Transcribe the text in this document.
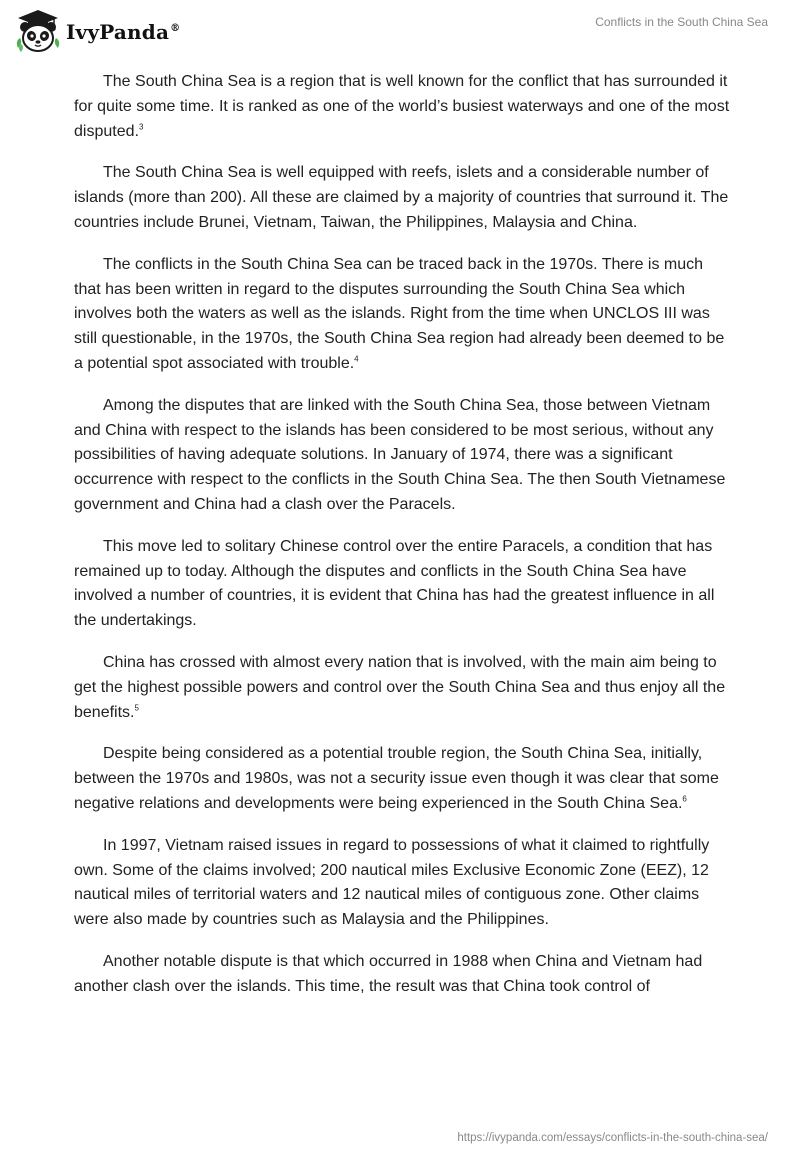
IvyPanda®	Conflicts in the South China Sea

The South China Sea is a region that is well known for the conflict that has surrounded it for quite some time. It is ranked as one of the world’s busiest waterways and one of the most disputed.$^3$

The South China Sea is well equipped with reefs, islets and a considerable number of islands (more than 200). All these are claimed by a majority of countries that surround it. The countries include Brunei, Vietnam, Taiwan, the Philippines, Malaysia and China.

The conflicts in the South China Sea can be traced back in the 1970s. There is much that has been written in regard to the disputes surrounding the South China Sea which involves both the waters as well as the islands. Right from the time when UNCLOS III was still questionable, in the 1970s, the South China Sea region had already been deemed to be a potential spot associated with trouble.$^4$

Among the disputes that are linked with the South China Sea, those between Vietnam and China with respect to the islands has been considered to be most serious, without any possibilities of having adequate solutions. In January of 1974, there was a significant occurrence with respect to the conflicts in the South China Sea. The then South Vietnamese government and China had a clash over the Paracels.

This move led to solitary Chinese control over the entire Paracels, a condition that has remained up to today. Although the disputes and conflicts in the South China Sea have involved a number of countries, it is evident that China has had the greatest influence in all the undertakings.

China has crossed with almost every nation that is involved, with the main aim being to get the highest possible powers and control over the South China Sea and thus enjoy all the benefits.$^5$

Despite being considered as a potential trouble region, the South China Sea, initially, between the 1970s and 1980s, was not a security issue even though it was clear that some negative relations and developments were being experienced in the South China Sea.$^6$

In 1997, Vietnam raised issues in regard to possessions of what it claimed to rightfully own. Some of the claims involved; 200 nautical miles Exclusive Economic Zone (EEZ), 12 nautical miles of territorial waters and 12 nautical miles of contiguous zone. Other claims were also made by countries such as Malaysia and the Philippines.

Another notable dispute is that which occurred in 1988 when China and Vietnam had another clash over the islands. This time, the result was that China took control of

https://ivypanda.com/essays/conflicts-in-the-south-china-sea/
